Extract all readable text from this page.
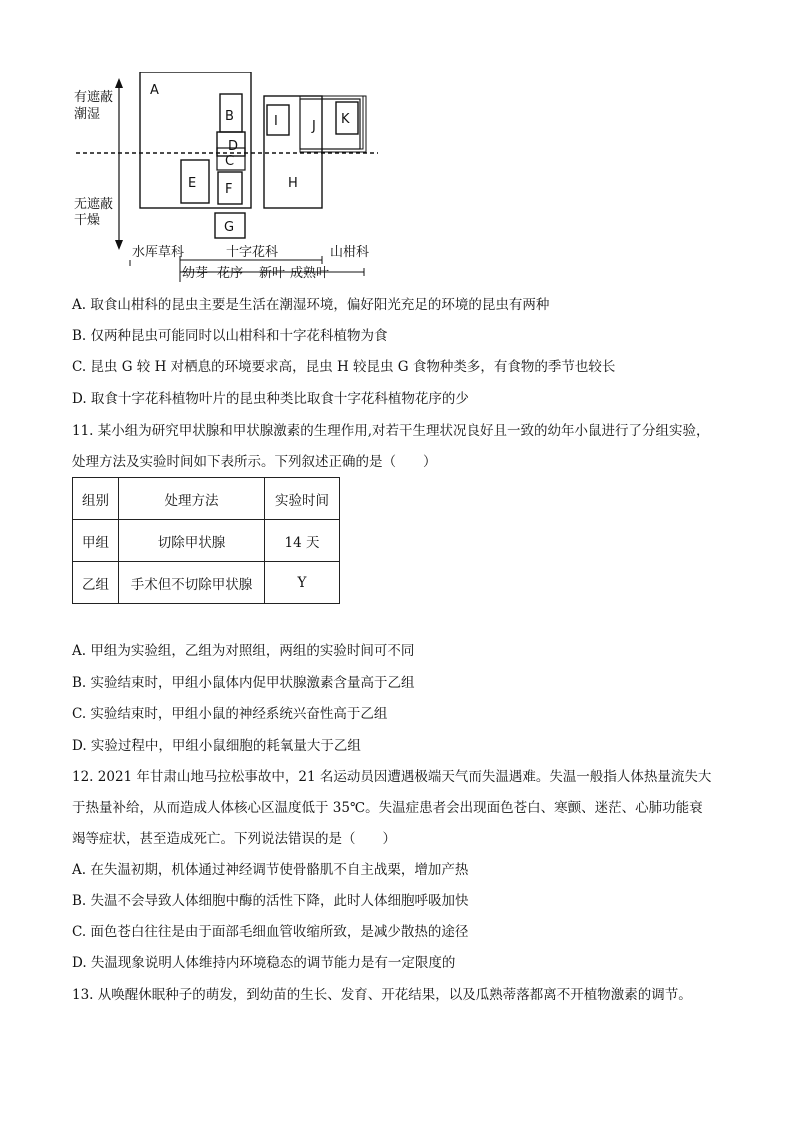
有遮蔽
潮湿
无遮蔽
干燥
A
B
D
C
E F
G
H
I	J K
水厍草科	十字花科	山柑科
幼芽 花序 新叶 成熟叶
A. 取食山柑科的昆虫主要是生活在潮湿环境，偏好阳光充足的环境的昆虫有两种
B. 仅两种昆虫可能同时以山柑科和十字花科植物为食
C. 昆虫 G 较 H 对栖息的环境要求高，昆虫 H 较昆虫 G 食物种类多，有食物的季节也较长
D. 取食十字花科植物叶片的昆虫种类比取食十字花科植物花序的少
11. 某小组为研究甲状腺和甲状腺激素的生理作用,对若干生理状况良好且一致的幼年小鼠进行了分组实验，
处理方法及实验时间如下表所示。下列叙述正确的是（　　）
组别	处理方法	实验时间
甲组	切除甲状腺	14 天
乙组	手术但不切除甲状腺	Y
A. 甲组为实验组，乙组为对照组，两组的实验时间可不同
B. 实验结束时，甲组小鼠体内促甲状腺激素含量高于乙组
C. 实验结束时，甲组小鼠的神经系统兴奋性高于乙组
D. 实验过程中，甲组小鼠细胞的耗氧量大于乙组
12. 2021 年甘肃山地马拉松事故中，21 名运动员因遭遇极端天气而失温遇难。失温一般指人体热量流失大
于热量补给，从而造成人体核心区温度低于 35℃。失温症患者会出现面色苍白、寒颤、迷茫、心肺功能衰
竭等症状，甚至造成死亡。下列说法错误的是（　　）
A. 在失温初期，机体通过神经调节使骨骼肌不自主战栗，增加产热
B. 失温不会导致人体细胞中酶的活性下降，此时人体细胞呼吸加快
C. 面色苍白往往是由于面部毛细血管收缩所致，是减少散热的途径
D. 失温现象说明人体维持内环境稳态的调节能力是有一定限度的
13. 从唤醒休眠种子的萌发，到幼苗的生长、发育、开花结果，以及瓜熟蒂落都离不开植物激素的调节。
